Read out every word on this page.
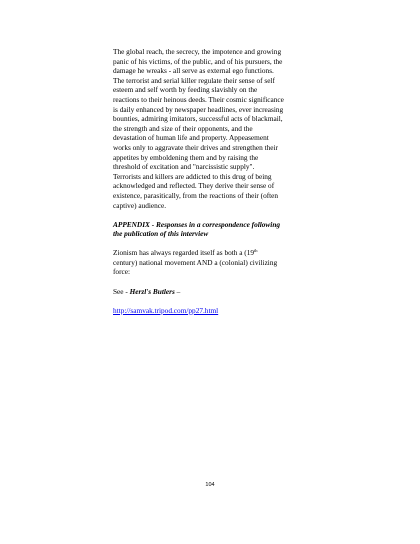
The global reach, the secrecy, the impotence and growing
panic of his victims, of the public, and of his pursuers, the
damage he wreaks - all serve as external ego functions.
The terrorist and serial killer regulate their sense of self
esteem and self worth by feeding slavishly on the
reactions to their heinous deeds. Their cosmic significance
is daily enhanced by newspaper headlines, ever increasing
bounties, admiring imitators, successful acts of blackmail,
the strength and size of their opponents, and the
devastation of human life and property. Appeasement
works only to aggravate their drives and strengthen their
appetites by emboldening them and by raising the
threshold of excitation and "narcissistic supply".
Terrorists and killers are addicted to this drug of being
acknowledged and reflected. They derive their sense of
existence, parasitically, from the reactions of their (often
captive) audience.
APPENDIX - Responses in a correspondence following
the publication of this interview
Zionism has always regarded itself as both a (19th
century) national movement AND a (colonial) civilizing
force:
See - Herzl's Butlers –
http://samvak.tripod.com/pp27.html
104
